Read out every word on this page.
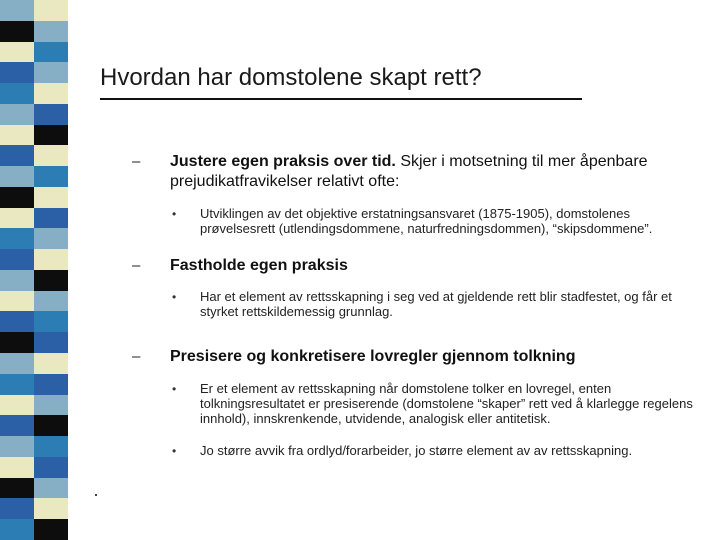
Hvordan har domstolene skapt rett?
– Justere egen praksis over tid. Skjer i motsetning til mer åpenbare prejudikatfravikelser relativt ofte:
• Utviklingen av det objektive erstatningsansvaret (1875-1905), domstolenes prøvelsesrett (utlendingsdommene, naturfredningsdommen), “skipsdommene”.
– Fastholde egen praksis
• Har et element av rettsskapning i seg ved at gjeldende rett blir stadfestet, og får et styrket rettskildemessig grunnlag.
– Presisere og konkretisere lovregler gjennom tolkning
• Er et element av rettsskapning når domstolene tolker en lovregel, enten tolkningsresultatet er presiserende (domstolene “skaper” rett ved å klarlegge regelens innhold), innskrenkende, utvidende, analogisk eller antitetisk.
• Jo større avvik fra ordlyd/forarbeider, jo større element av av rettsskapning.
